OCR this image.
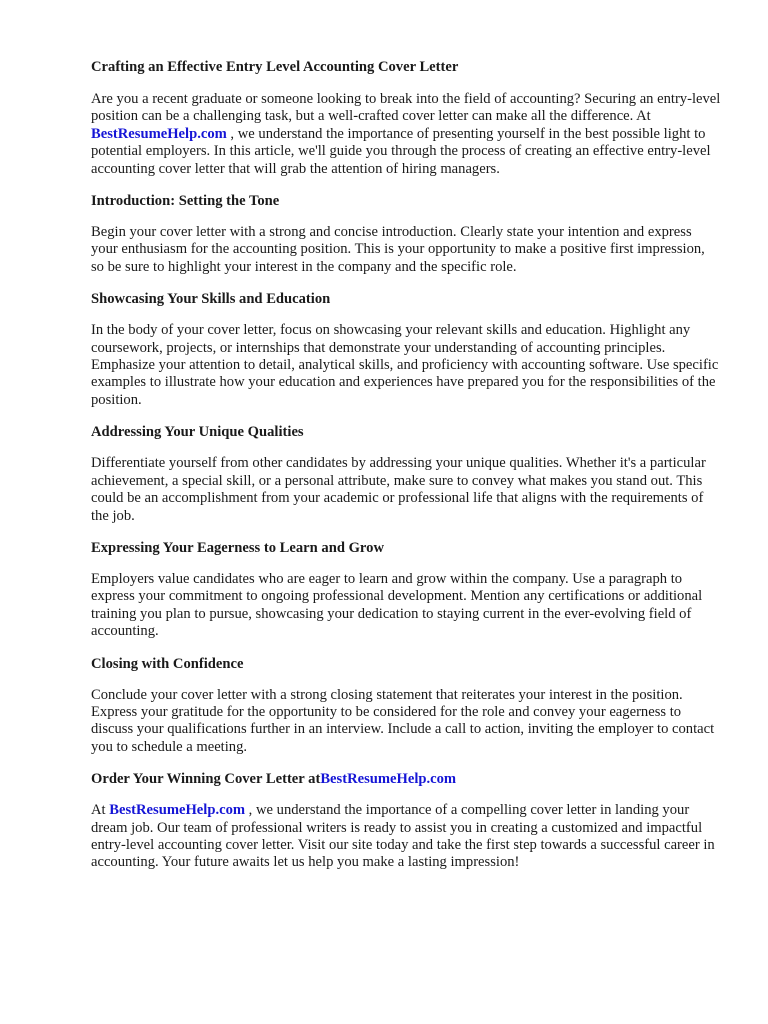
Crafting an Effective Entry Level Accounting Cover Letter

Are you a recent graduate or someone looking to break into the field of accounting? Securing an entry-level position can be a challenging task, but a well-crafted cover letter can make all the difference. At BestResumeHelp.com , we understand the importance of presenting yourself in the best possible light to potential employers. In this article, we'll guide you through the process of creating an effective entry-level accounting cover letter that will grab the attention of hiring managers.

Introduction: Setting the Tone

Begin your cover letter with a strong and concise introduction. Clearly state your intention and express your enthusiasm for the accounting position. This is your opportunity to make a positive first impression, so be sure to highlight your interest in the company and the specific role.

Showcasing Your Skills and Education

In the body of your cover letter, focus on showcasing your relevant skills and education. Highlight any coursework, projects, or internships that demonstrate your understanding of accounting principles. Emphasize your attention to detail, analytical skills, and proficiency with accounting software. Use specific examples to illustrate how your education and experiences have prepared you for the responsibilities of the position.

Addressing Your Unique Qualities

Differentiate yourself from other candidates by addressing your unique qualities. Whether it's a particular achievement, a special skill, or a personal attribute, make sure to convey what makes you stand out. This could be an accomplishment from your academic or professional life that aligns with the requirements of the job.

Expressing Your Eagerness to Learn and Grow

Employers value candidates who are eager to learn and grow within the company. Use a paragraph to express your commitment to ongoing professional development. Mention any certifications or additional training you plan to pursue, showcasing your dedication to staying current in the ever-evolving field of accounting.

Closing with Confidence

Conclude your cover letter with a strong closing statement that reiterates your interest in the position. Express your gratitude for the opportunity to be considered for the role and convey your eagerness to discuss your qualifications further in an interview. Include a call to action, inviting the employer to contact you to schedule a meeting.

Order Your Winning Cover Letter atBestResumeHelp.com

At BestResumeHelp.com , we understand the importance of a compelling cover letter in landing your dream job. Our team of professional writers is ready to assist you in creating a customized and impactful entry-level accounting cover letter. Visit our site today and take the first step towards a successful career in accounting. Your future awaits let us help you make a lasting impression!
